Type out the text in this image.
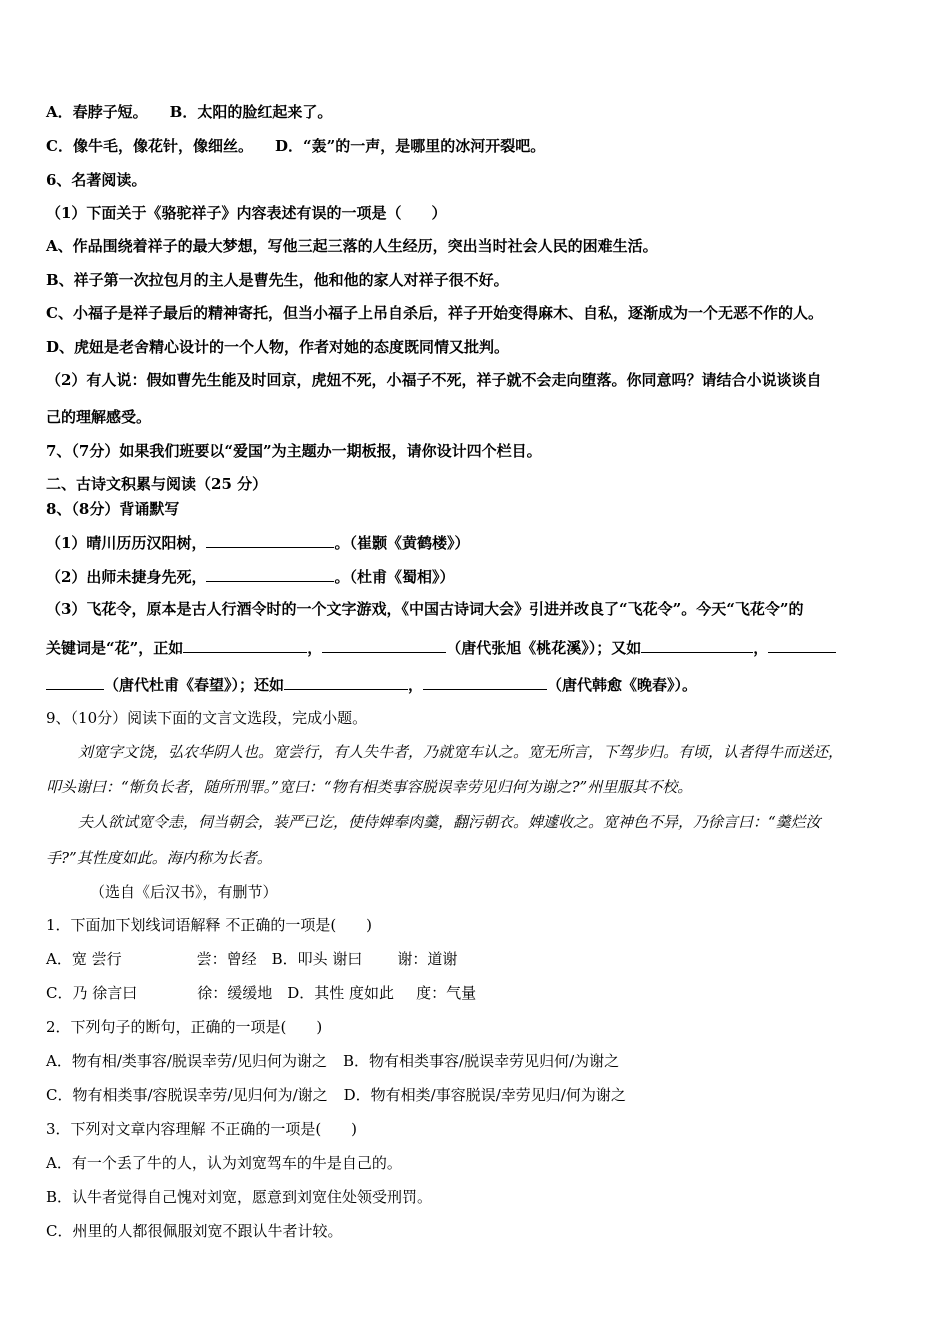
A．春脖子短。 B．太阳的脸红起来了。
C．像牛毛，像花针，像细丝。 D．“轰”的一声，是哪里的冰河开裂吧。
6、名著阅读。
（1）下面关于《骆驼祥子》内容表述有误的一项是（　　）
A、作品围绕着祥子的最大梦想，写他三起三落的人生经历，突出当时社会人民的困难生活。
B、祥子第一次拉包月的主人是曹先生，他和他的家人对祥子很不好。
C、小福子是祥子最后的精神寄托，但当小福子上吊自杀后，祥子开始变得麻木、自私，逐渐成为一个无恶不作的人。
D、虎妞是老舍精心设计的一个人物，作者对她的态度既同情又批判。
（2）有人说：假如曹先生能及时回京，虎妞不死，小福子不死，祥子就不会走向堕落。你同意吗？请结合小说谈谈自
己的理解感受。
7、（7分）如果我们班要以“爱国”为主题办一期板报，请你设计四个栏目。
二、古诗文积累与阅读（25 分）
8、（8分）背诵默写
（1）晴川历历汉阳树，	。（崔颢《黄鹤楼》）
（2）出师未捷身先死，	。（杜甫《蜀相》）
（3）飞花令，原本是古人行酒令时的一个文字游戏，《中国古诗词大会》引进并改良了“飞花令”。今天“飞花令”的
关键词是“花”，正如	，	（唐代张旭《桃花溪》）；又如	，
（唐代杜甫《春望》）；还如	，	（唐代韩愈《晚春》）。
9、（10分）阅读下面的文言文选段，完成小题。
刘宽字文饶，弘农华阴人也。宽尝行，有人失牛者，乃就宽车认之。宽无所言，下驾步归。有顷，认者得牛而送还，
叩头谢曰：“惭负长者，随所刑罪。”宽曰：“物有相类事容脱误幸劳见归何为谢之?”州里服其不校。
夫人欲试宽令恚，伺当朝会，装严已讫，使侍婢奉肉羹，翻污朝衣。婢遽收之。宽神色不异，乃徐言曰：“羹烂汝
手?”其性度如此。海内称为长者。
（选自《后汉书》，有删节）
1．下面加下划线词语解释 不正确的一项是(　　)
A．宽 尝行	尝：曾经 B．叩头 谢曰 谢：道谢
C．乃 徐言曰	徐：缓缓地 D．其性 度如此 度：气量
2．下列句子的断句，正确的一项是(　　)
A．物有相/类事容/脱误幸劳/见归何为谢之 B．物有相类事容/脱误幸劳见归何/为谢之
C．物有相类事/容脱误幸劳/见归何为/谢之 D．物有相类/事容脱误/幸劳见归/何为谢之
3．下列对文章内容理解 不正确的一项是(　　)
A．有一个丢了牛的人，认为刘宽驾车的牛是自己的。
B．认牛者觉得自己愧对刘宽，愿意到刘宽住处领受刑罚。
C．州里的人都很佩服刘宽不跟认牛者计较。
